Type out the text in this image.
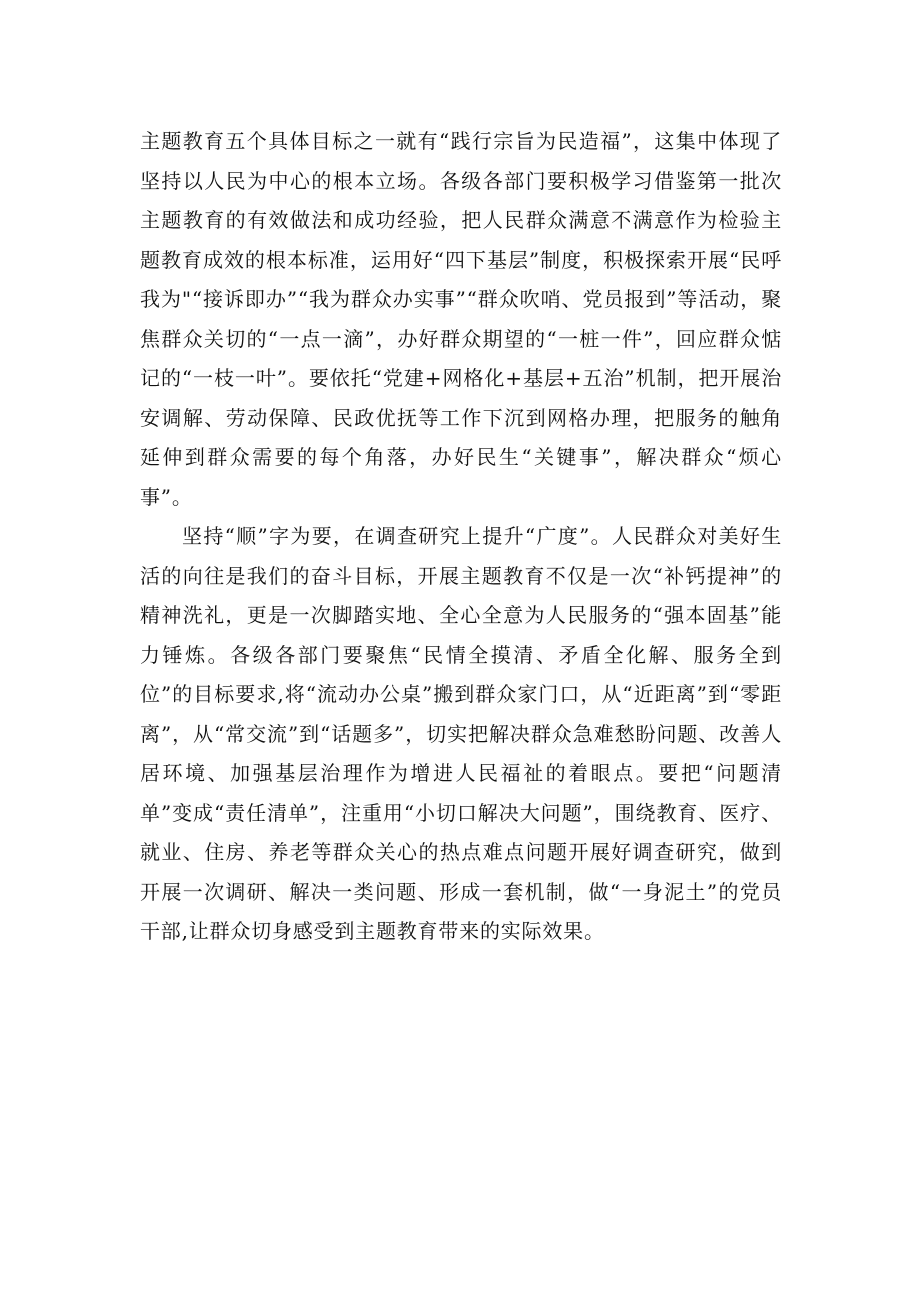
主题教育五个具体目标之一就有“践行宗旨为民造福”，这集中体现了坚持以人民为中心的根本立场。各级各部门要积极学习借鉴第一批次主题教育的有效做法和成功经验，把人民群众满意不满意作为检验主题教育成效的根本标准，运用好“四下基层”制度，积极探索开展“民呼我为"“接诉即办”“我为群众办实事”“群众吹哨、党员报到”等活动，聚焦群众关切的“一点一滴”，办好群众期望的“一桩一件”，回应群众惦记的“一枝一叶”。要依托“党建+网格化+基层+五治”机制，把开展治安调解、劳动保障、民政优抚等工作下沉到网格办理，把服务的触角延伸到群众需要的每个角落，办好民生“关键事”，解决群众“烦心事”。

坚持“顺”字为要，在调查研究上提升“广度”。人民群众对美好生活的向往是我们的奋斗目标，开展主题教育不仅是一次“补钙提神”的精神洗礼，更是一次脚踏实地、全心全意为人民服务的“强本固基”能力锤炼。各级各部门要聚焦“民情全摸清、矛盾全化解、服务全到位”的目标要求,将“流动办公桌”搬到群众家门口，从“近距离”到“零距离”，从“常交流”到“话题多”，切实把解决群众急难愁盼问题、改善人居环境、加强基层治理作为增进人民福祉的着眼点。要把“问题清单”变成“责任清单”，注重用“小切口解决大问题”，围绕教育、医疗、就业、住房、养老等群众关心的热点难点问题开展好调查研究，做到开展一次调研、解决一类问题、形成一套机制，做“一身泥土”的党员干部,让群众切身感受到主题教育带来的实际效果。
